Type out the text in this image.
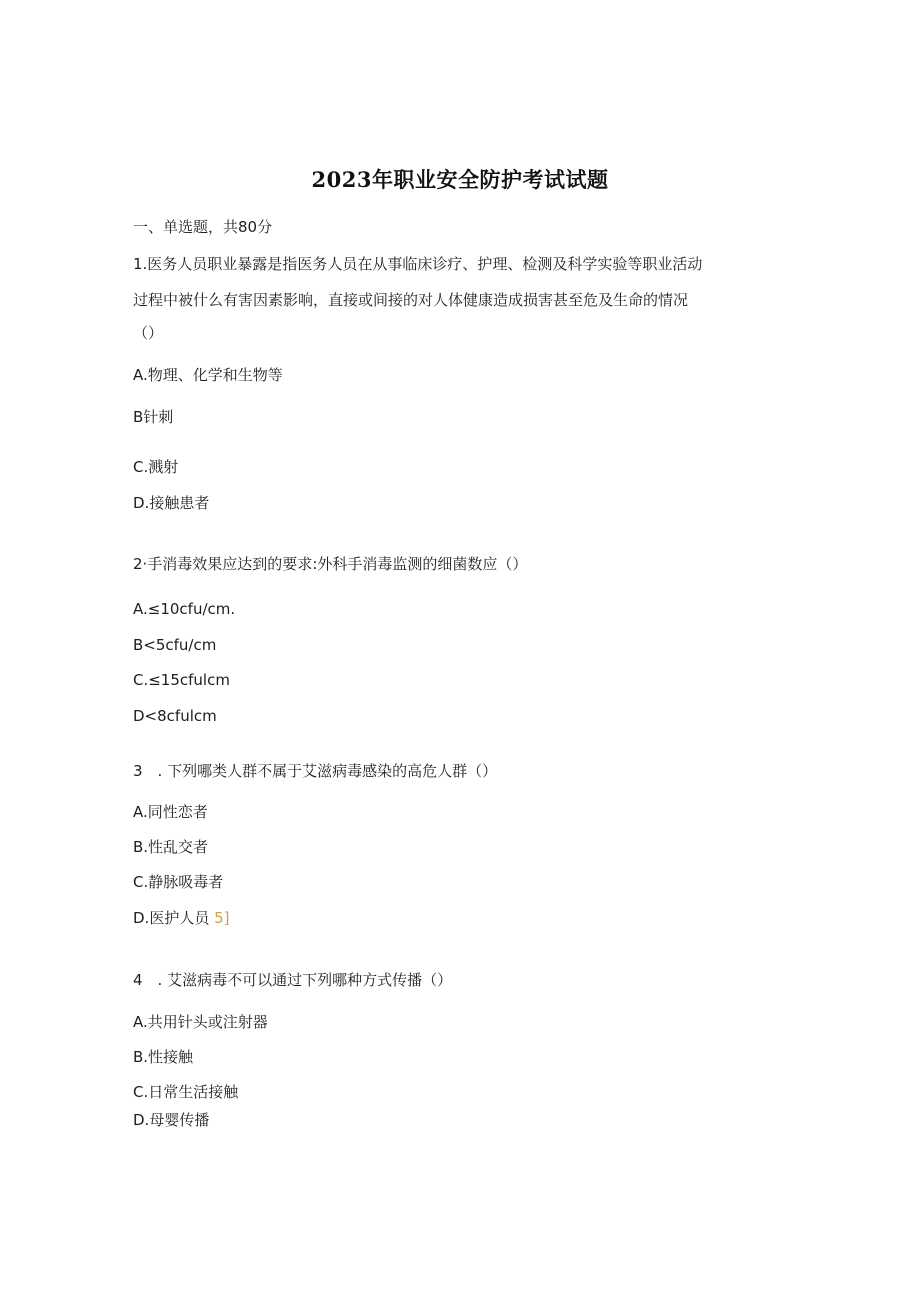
2023年职业安全防护考试试题
一、单选题，共80分
1.医务人员职业暴露是指医务人员在从事临床诊疗、护理、检测及科学实验等职业活动
过程中被什么有害因素影响，直接或间接的对人体健康造成损害甚至危及生命的情况
（）
A.物理、化学和生物等
B针刺
C.溅射
D.接触患者
2·手消毒效果应达到的要求:外科手消毒监测的细菌数应（）
A.≤10cfu∕cm.
B<5cfu∕cm
C.≤15cfulcm
D<8cfulcm
3　. 下列哪类人群不属于艾滋病毒感染的高危人群（）
A.同性恋者
B.性乱交者
C.静脉吸毒者
D.医护人员 5]
4　. 艾滋病毒不可以通过下列哪种方式传播（）
A.共用针头或注射器
B.性接触
C.日常生活接触
D.母婴传播
